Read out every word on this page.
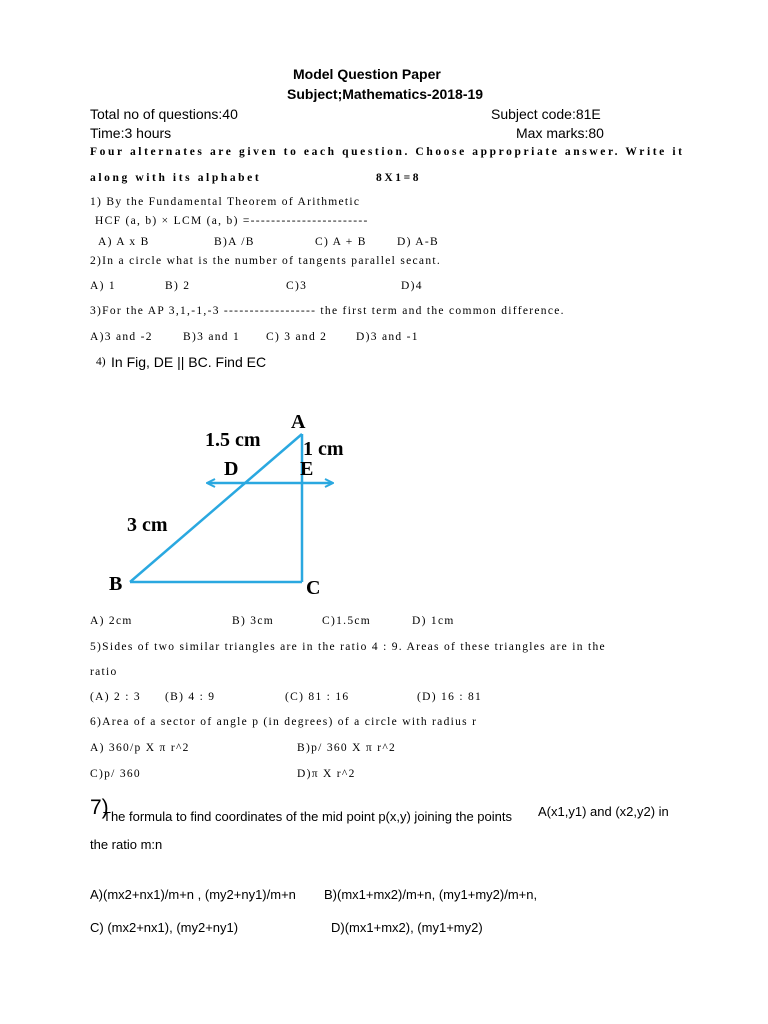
Model Question Paper
Subject;Mathematics-2018-19
Total no of questions:40	Subject code:81E
Time:3 hours	Max marks:80
Four alternates are given to each question. Choose appropriate answer. Write it
along with its alphabet	8X1=8
1) By the Fundamental Theorem of Arithmetic
HCF (a, b) × LCM (a, b) =-----------------------
A) A x B	B)A /B	C) A + B	D) A-B
2)In a circle what is the number of tangents parallel secant.
A) 1	B) 2	C)3	D)4
3)For the AP 3,1,-1,-3 ------------------ the first term and the common difference.
A)3 and -2	B)3 and 1 C) 3 and 2	D)3 and -1
4) In Fig, DE || BC. Find EC
A
1.5 cm 1 cm
D	E
3 cm
B	C
A) 2cm	B) 3cm	C)1.5cm	D) 1cm
5)Sides of two similar triangles are in the ratio 4 : 9. Areas of these triangles are in the
ratio
(A) 2 : 3 (B) 4 : 9	(C) 81 : 16	(D) 16 : 81
6)Area of a sector of angle p (in degrees) of a circle with radius r
A) 360/p X π r^2	B)p/ 360 X π r^2
C)p/ 360	D)π X r^2
7)
The formula to find coordinates of the mid point p(x,y) joining the points A(x1,y1) and (x2,y2) in
the ratio m:n
A)(mx2+nx1)/m+n , (my2+ny1)/m+n B)(mx1+mx2)/m+n, (my1+my2)/m+n,
C) (mx2+nx1), (my2+ny1)	D)(mx1+mx2), (my1+my2)
